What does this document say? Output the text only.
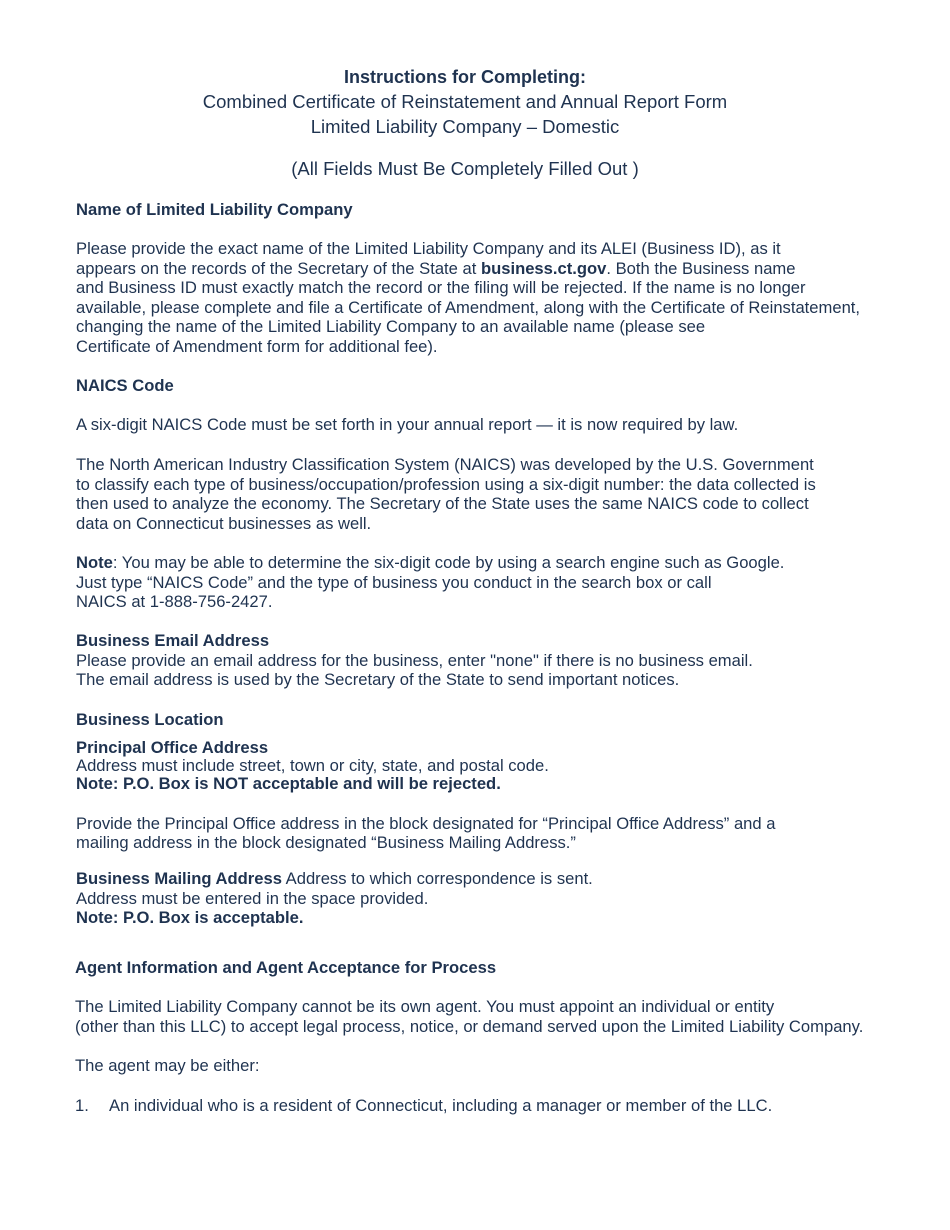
Instructions for Completing:
Combined Certificate of Reinstatement and Annual Report Form
Limited Liability Company – Domestic
(All Fields Must Be Completely Filled Out )
Name of Limited Liability Company
Please provide the exact name of the Limited Liability Company and its ALEI (Business ID), as it
appears on the records of the Secretary of the State at business.ct.gov. Both the Business name
and Business ID must exactly match the record or the filing will be rejected. If the name is no longer
available, please complete and file a Certificate of Amendment, along with the Certificate of Reinstatement,
changing the name of the Limited Liability Company to an available name (please see
Certificate of Amendment form for additional fee).
NAICS Code
A six-digit NAICS Code must be set forth in your annual report — it is now required by law.
The North American Industry Classification System (NAICS) was developed by the U.S. Government
to classify each type of business/occupation/profession using a six-digit number: the data collected is
then used to analyze the economy. The Secretary of the State uses the same NAICS code to collect
data on Connecticut businesses as well.
Note: You may be able to determine the six-digit code by using a search engine such as Google.
Just type “NAICS Code” and the type of business you conduct in the search box or call
NAICS at 1-888-756-2427.
Business Email Address
Please provide an email address for the business, enter "none" if there is no business email.
The email address is used by the Secretary of the State to send important notices.
Business Location
Principal Office Address
Address must include street, town or city, state, and postal code.
Note: P.O. Box is NOT acceptable and will be rejected.
Provide the Principal Office address in the block designated for “Principal Office Address” and a
mailing address in the block designated “Business Mailing Address.”
Business Mailing Address Address to which correspondence is sent.
Address must be entered in the space provided.
Note: P.O. Box is acceptable.
Agent Information and Agent Acceptance for Process
The Limited Liability Company cannot be its own agent. You must appoint an individual or entity
(other than this LLC) to accept legal process, notice, or demand served upon the Limited Liability Company.
The agent may be either:
1. An individual who is a resident of Connecticut, including a manager or member of the LLC.
